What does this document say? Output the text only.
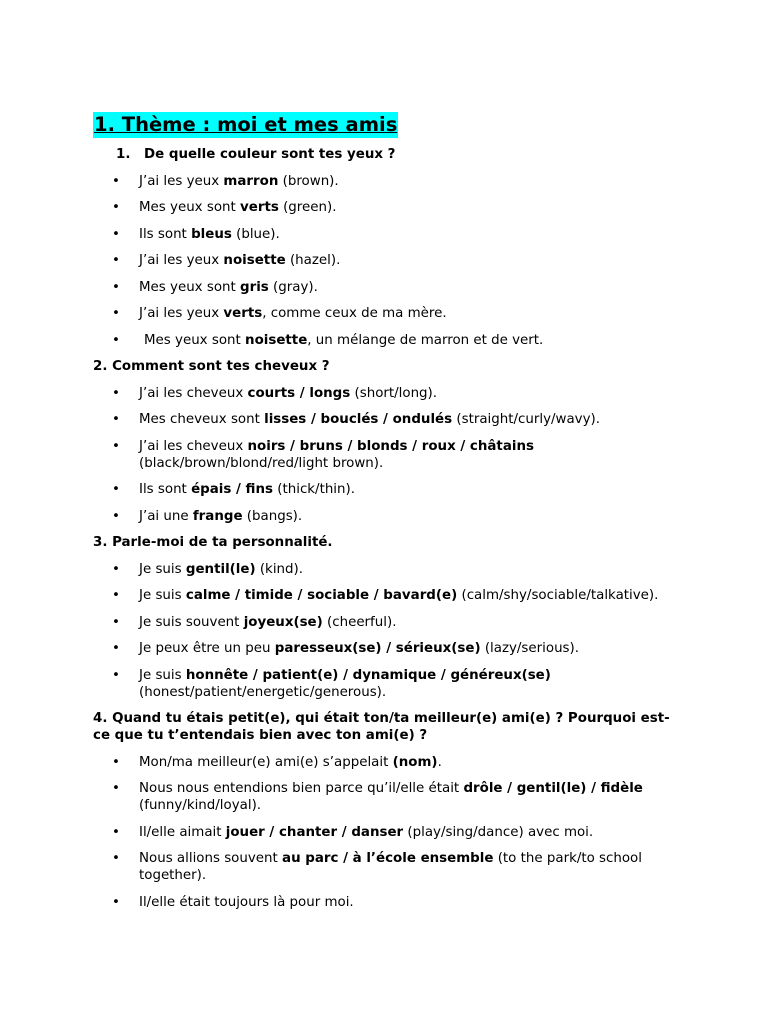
1. Thème : moi et mes amis

1.	De quelle couleur sont tes yeux ?

• J’ai les yeux marron (brown).
• Mes yeux sont verts (green).
• Ils sont bleus (blue).
• J’ai les yeux noisette (hazel).
• Mes yeux sont gris (gray).
• J’ai les yeux verts, comme ceux de ma mère.
• Mes yeux sont noisette, un mélange de marron et de vert.

2. Comment sont tes cheveux ?

• J’ai les cheveux courts / longs (short/long).
• Mes cheveux sont lisses / bouclés / ondulés (straight/curly/wavy).
• J’ai les cheveux noirs / bruns / blonds / roux / châtains (black/brown/blond/red/light brown).
• Ils sont épais / fins (thick/thin).
• J’ai une frange (bangs).

3. Parle-moi de ta personnalité.

• Je suis gentil(le) (kind).
• Je suis calme / timide / sociable / bavard(e) (calm/shy/sociable/talkative).
• Je suis souvent joyeux(se) (cheerful).
• Je peux être un peu paresseux(se) / sérieux(se) (lazy/serious).
• Je suis honnête / patient(e) / dynamique / généreux(se) (honest/patient/energetic/generous).

4. Quand tu étais petit(e), qui était ton/ta meilleur(e) ami(e) ? Pourquoi est-ce que tu t’entendais bien avec ton ami(e) ?

• Mon/ma meilleur(e) ami(e) s’appelait (nom).
• Nous nous entendions bien parce qu’il/elle était drôle / gentil(le) / fidèle (funny/kind/loyal).
• Il/elle aimait jouer / chanter / danser (play/sing/dance) avec moi.
• Nous allions souvent au parc / à l’école ensemble (to the park/to school together).
• Il/elle était toujours là pour moi.
